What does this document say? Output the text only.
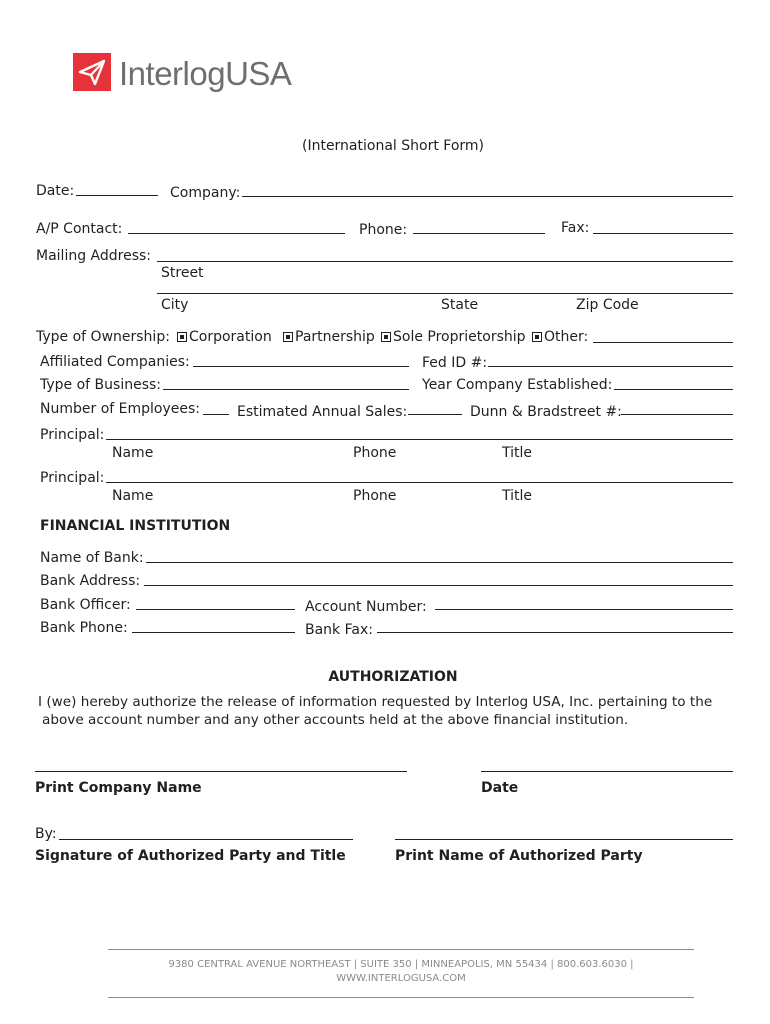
InterlogUSA
(International Short Form)
Date:	Company:
A/P Contact:	Phone:	Fax:
Mailing Address:
Street
City	State	Zip Code
Type of Ownership:	Corporation	Partnership	Sole Proprietorship	Other:
Affiliated Companies:	Fed ID #:
Type of Business:	Year Company Established:
Number of Employees:	Estimated Annual Sales:	Dunn & Bradstreet #:
Principal:
Name	Phone	Title
Principal:
Name	Phone	Title
FINANCIAL INSTITUTION
Name of Bank:
Bank Address:
Bank Officer:	Account Number:
Bank Phone:	Bank Fax:
AUTHORIZATION
I (we) hereby authorize the release of information requested by Interlog USA, Inc. pertaining to the
above account number and any other accounts held at the above financial institution.
Print Company Name	Date
By:
Signature of Authorized Party and Title	Print Name of Authorized Party
9380 CENTRAL AVENUE NORTHEAST | SUITE 350 | MINNEAPOLIS, MN 55434 | 800.603.6030 |
WWW.INTERLOGUSA.COM
